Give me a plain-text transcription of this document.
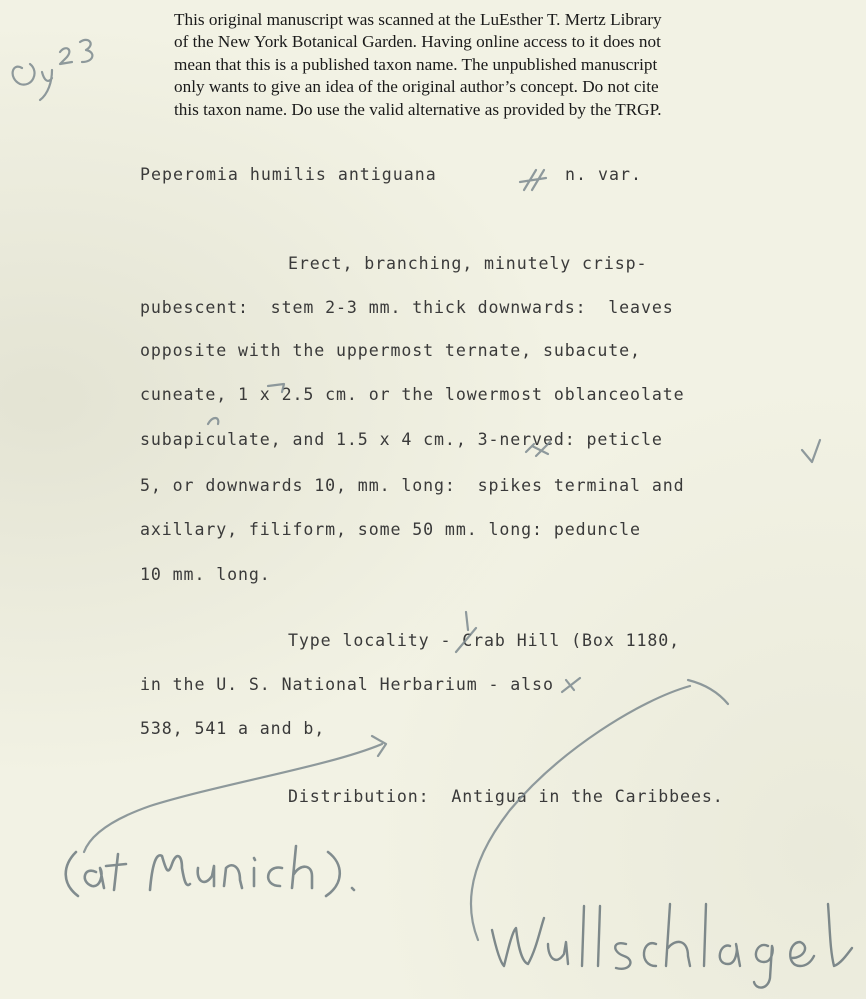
This original manuscript was scanned at the LuEsther T. Mertz Library
of the New York Botanical Garden. Having online access to it does not
mean that this is a published taxon name. The unpublished manuscript
only wants to give an idea of the original author’s concept. Do not cite
this taxon name. Do use the valid alternative as provided by the TRGP.
Peperomia humilis antiguana	n. var.
Erect, branching, minutely crisp-
pubescent:  stem 2-3 mm. thick downwards:  leaves
opposite with the uppermost ternate, subacute,
cuneate, 1 x 2.5 cm. or the lowermost oblanceolate
subapiculate, and 1.5 x 4 cm., 3-nerved: peticle
5, or downwards 10, mm. long:  spikes terminal and
axillary, filiform, some 50 mm. long: peduncle
10 mm. long.
Type locality - Crab Hill (Box 1180,
in the U. S. National Herbarium - also
538, 541 a and b,
Distribution:  Antigua in the Caribbees.
